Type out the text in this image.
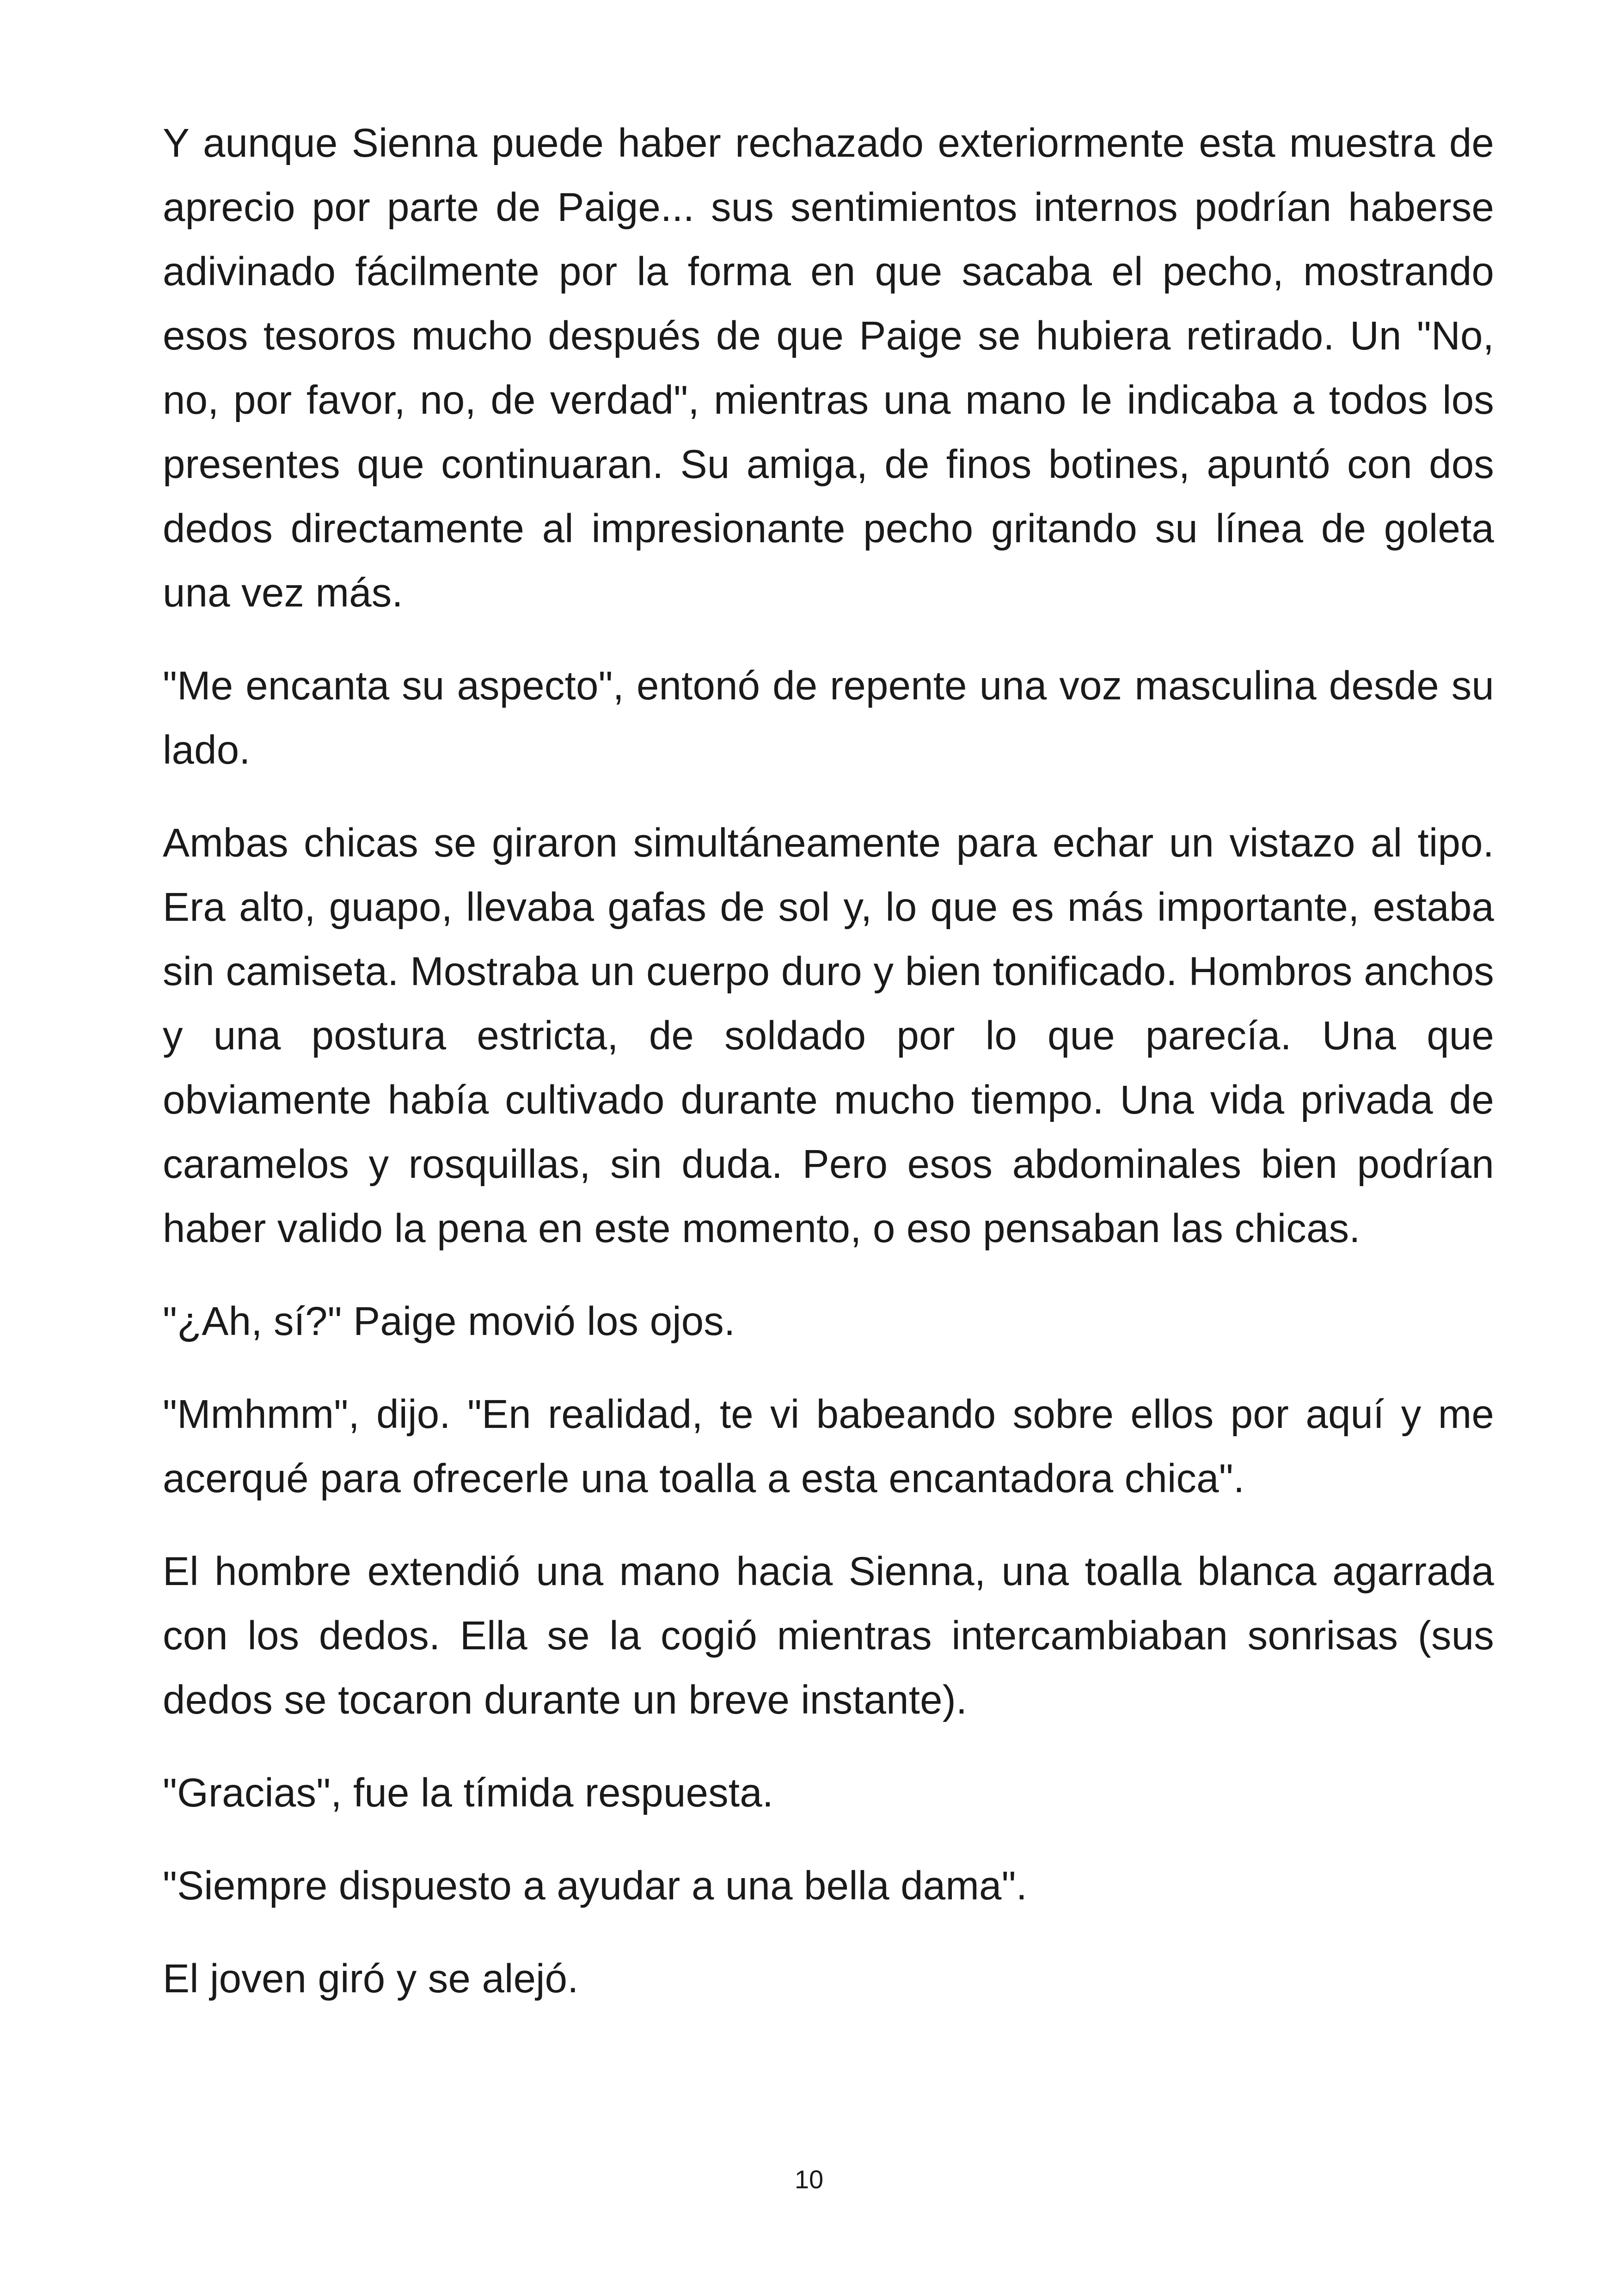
Y aunque Sienna puede haber rechazado exteriormente esta muestra de aprecio por parte de Paige... sus sentimientos internos podrían haberse adivinado fácilmente por la forma en que sacaba el pecho, mostrando esos tesoros mucho después de que Paige se hubiera retirado. Un "No, no, por favor, no, de verdad", mientras una mano le indicaba a todos los presentes que continuaran. Su amiga, de finos botines, apuntó con dos dedos directamente al impresionante pecho gritando su línea de goleta una vez más.

"Me encanta su aspecto", entonó de repente una voz masculina desde su lado.

Ambas chicas se giraron simultáneamente para echar un vistazo al tipo. Era alto, guapo, llevaba gafas de sol y, lo que es más importante, estaba sin camiseta. Mostraba un cuerpo duro y bien tonificado. Hombros anchos y una postura estricta, de soldado por lo que parecía. Una que obviamente había cultivado durante mucho tiempo. Una vida privada de caramelos y rosquillas, sin duda. Pero esos abdominales bien podrían haber valido la pena en este momento, o eso pensaban las chicas.

"¿Ah, sí?" Paige movió los ojos.

"Mmhmm", dijo. "En realidad, te vi babeando sobre ellos por aquí y me acerqué para ofrecerle una toalla a esta encantadora chica".

El hombre extendió una mano hacia Sienna, una toalla blanca agarrada con los dedos. Ella se la cogió mientras intercambiaban sonrisas (sus dedos se tocaron durante un breve instante).

"Gracias", fue la tímida respuesta.

"Siempre dispuesto a ayudar a una bella dama".

El joven giró y se alejó.

10
